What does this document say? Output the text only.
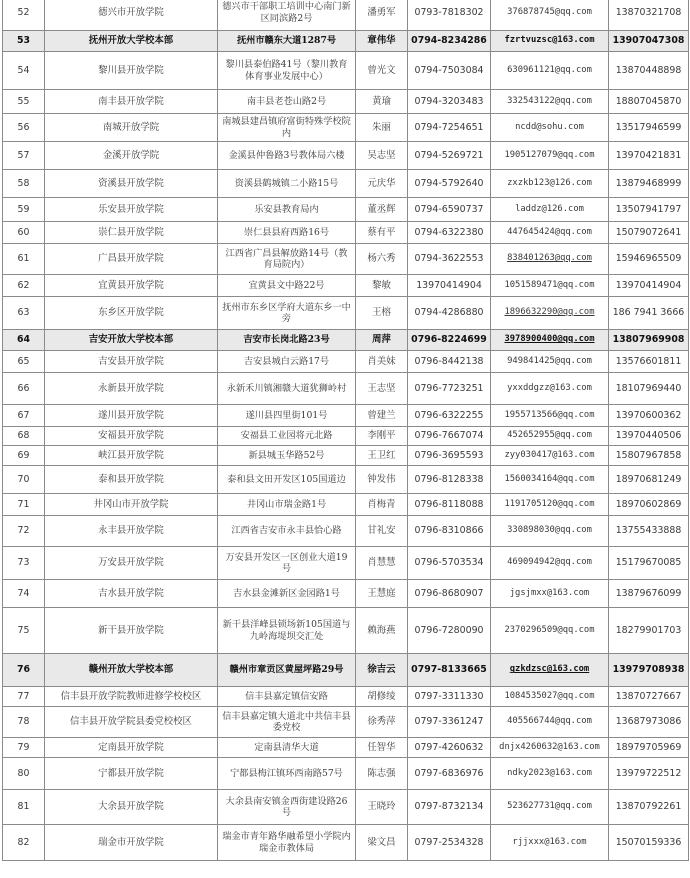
52	德兴市开放学院	德兴市干部职工培训中心南门新区同滨路2号	潘勇军	0793-7818302	376878745@qq.com	13870321708
53	抚州开放大学校本部	抚州市赣东大道1287号	章伟华	0794-8234286	fzrtvuzsc@163.com	13907047308
54	黎川县开放学院	黎川县泰伯路41号（黎川教育体育事业发展中心）	曾光文	0794-7503084	630961121@qq.com	13870448898
55	南丰县开放学院	南丰县老苍山路2号	黄瑜	0794-3203483	332543122@qq.com	18807045870
56	南城开放学院	南城县建昌镇府富街特殊学校院内	朱丽	0794-7254651	ncdd@sohu.com	13517946599
57	金溪开放学院	金溪县仲鲁路3号教体局六楼	吴志坚	0794-5269721	1905127079@qq.com	13970421831
58	资溪县开放学院	资溪县鹤城镇二小路15号	元庆华	0794-5792640	zxzkb123@126.com	13879468999
59	乐安县开放学院	乐安县教育局内	董丞辉	0794-6590737	laddz@126.com	13507941797
60	崇仁县开放学院	崇仁县县府西路16号	蔡有平	0794-6322380	447645424@qq.com	15079072641
61	广昌县开放学院	江西省广昌县解放路14号（教育局院内）	杨六秀	0794-3622553	838401263@qq.com	15946965509
62	宜黄县开放学院	宜黄县文中路22号	黎敏	13970414904	1051589471@qq.com	13970414904
63	东乡区开放学院	抚州市东乡区学府大道东乡一中旁	王榕	0794-4286880	1896632290@qq.com	186 7941 3666
64	吉安开放大学校本部	吉安市长岗北路23号	周萍	0796-8224699	3978900400@qq.com	13807969908
65	吉安县开放学院	吉安县城白云路17号	肖美妹	0796-8442138	949841425@qq.com	13576601811
66	永新县开放学院	永新禾川镇湘赣大道犹狮岭村	王志坚	0796-7723251	yxxddgzz@163.com	18107969440
67	遂川县开放学院	遂川县四里街101号	曾建兰	0796-6322255	1955713566@qq.com	13970600362
68	安福县开放学院	安福县工业园将元北路	李刚平	0796-7667074	452652955@qq.com	13970440506
69	峡江县开放学院	新县城玉华路52号	王卫红	0796-3695593	zyy030417@163.com	15807967858
70	泰和县开放学院	泰和县文田开发区105国道边	钟发伟	0796-8128338	1560034164@qq.com	18970681249
71	井冈山市开放学院	井冈山市瑞金路1号	肖梅青	0796-8118088	1191705120@qq.com	18970602869
72	永丰县开放学院	江西省吉安市永丰县恰心路	甘礼安	0796-8310866	330898030@qq.com	13755433888
73	万安县开放学院	万安县开发区一区创业大道19号	肖慧慧	0796-5703534	469094942@qq.com	15179670085
74	吉水县开放学院	吉水县金滩新区金园路1号	王慧庭	0796-8680907	jgsjmxx@163.com	13879676099
75	新干县开放学院	新干县洋峰县锁场新105国道与九岭海堤坝交汇处	赖海燕	0796-7280090	2370296509@qq.com	18279901703
76	赣州开放大学校本部	赣州市章贡区黄屋坪路29号	徐吉云	0797-8133665	gzkdzsc@163.com	13979708938
77	信丰县开放学院教师进修学校校区	信丰县嘉定镇信安路	胡修绫	0797-3311330	1084535027@qq.com	13870727667
78	信丰县开放学院县委党校校区	信丰县嘉定镇大道北中共信丰县委党校	徐秀萍	0797-3361247	405566744@qq.com	13687973086
79	定南县开放学院	定南县清华大道	任智华	0797-4260632	dnjx4260632@163.com	18979705969
80	宁都县开放学院	宁都县梅江镇环西南路57号	陈志强	0797-6836976	ndky2023@163.com	13979722512
81	大余县开放学院	大余县南安镇金西街建设路26号	王晓玲	0797-8732134	523627731@qq.com	13870792261
82	瑞金市开放学院	瑞金市青年路华融希望小学院内瑞金市教体局	梁文昌	0797-2534328	rjjxxx@163.com	15070159336
